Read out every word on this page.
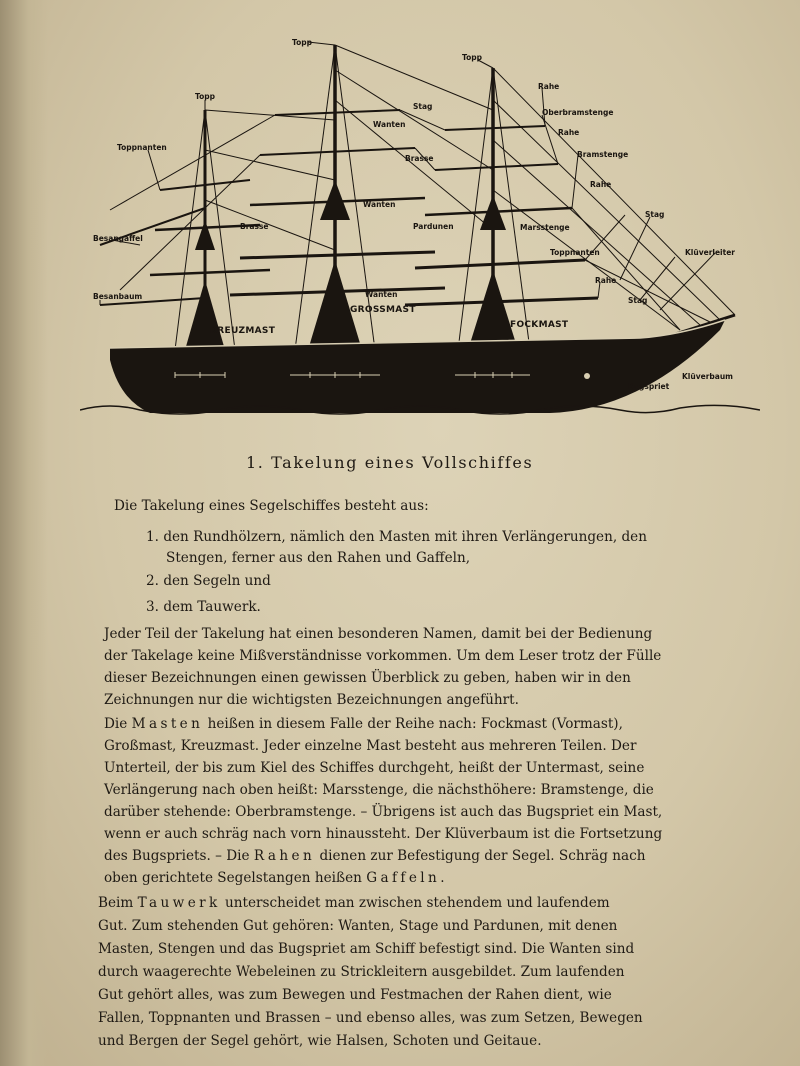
Topp
Topp
Topp
Rahe
Stag
Oberbramstenge
Rahe
Wanten
Toppnanten
Brasse	Bramstenge
Rahe
Wanten
Stag
Besangaffel
Brasse	Pardunen	Marsstenge
Klüverleiter
Toppnanten
Rahe
Besanbaum	Wanten
Stag
GROSSMAST
KREUZMAST
FOCKMAST
Klüverbaum
Bugspriet
1. Takelung eines Vollschiffes
Die Takelung eines Segelschiffes besteht aus:
1. den Rundhölzern, nämlich den Masten mit ihren Verlängerungen, den
Stengen, ferner aus den Rahen und Gaffeln,
2. den Segeln und
3. dem Tauwerk.
Jeder Teil der Takelung hat einen besonderen Namen, damit bei der Bedienung
der Takelage keine Mißverständnisse vorkommen. Um dem Leser trotz der Fülle
dieser Bezeichnungen einen gewissen Überblick zu geben, haben wir in den
Zeichnungen nur die wichtigsten Bezeichnungen angeführt.
Die Masten heißen in diesem Falle der Reihe nach: Fockmast (Vormast),
Großmast, Kreuzmast. Jeder einzelne Mast besteht aus mehreren Teilen. Der
Unterteil, der bis zum Kiel des Schiffes durchgeht, heißt der Untermast, seine
Verlängerung nach oben heißt: Marsstenge, die nächsthöhere: Bramstenge, die
darüber stehende: Oberbramstenge. – Übrigens ist auch das Bugspriet ein Mast,
wenn er auch schräg nach vorn hinaussteht. Der Klüverbaum ist die Fortsetzung
des Bugspriets. – Die Rahen dienen zur Befestigung der Segel. Schräg nach
oben gerichtete Segelstangen heißen Gaffeln.
Beim Tauwerk unterscheidet man zwischen stehendem und laufendem
Gut. Zum stehenden Gut gehören: Wanten, Stage und Pardunen, mit denen
Masten, Stengen und das Bugspriet am Schiff befestigt sind. Die Wanten sind
durch waagerechte Webeleinen zu Strickleitern ausgebildet. Zum laufenden
Gut gehört alles, was zum Bewegen und Festmachen der Rahen dient, wie
Fallen, Toppnanten und Brassen – und ebenso alles, was zum Setzen, Bewegen
und Bergen der Segel gehört, wie Halsen, Schoten und Geitaue.
